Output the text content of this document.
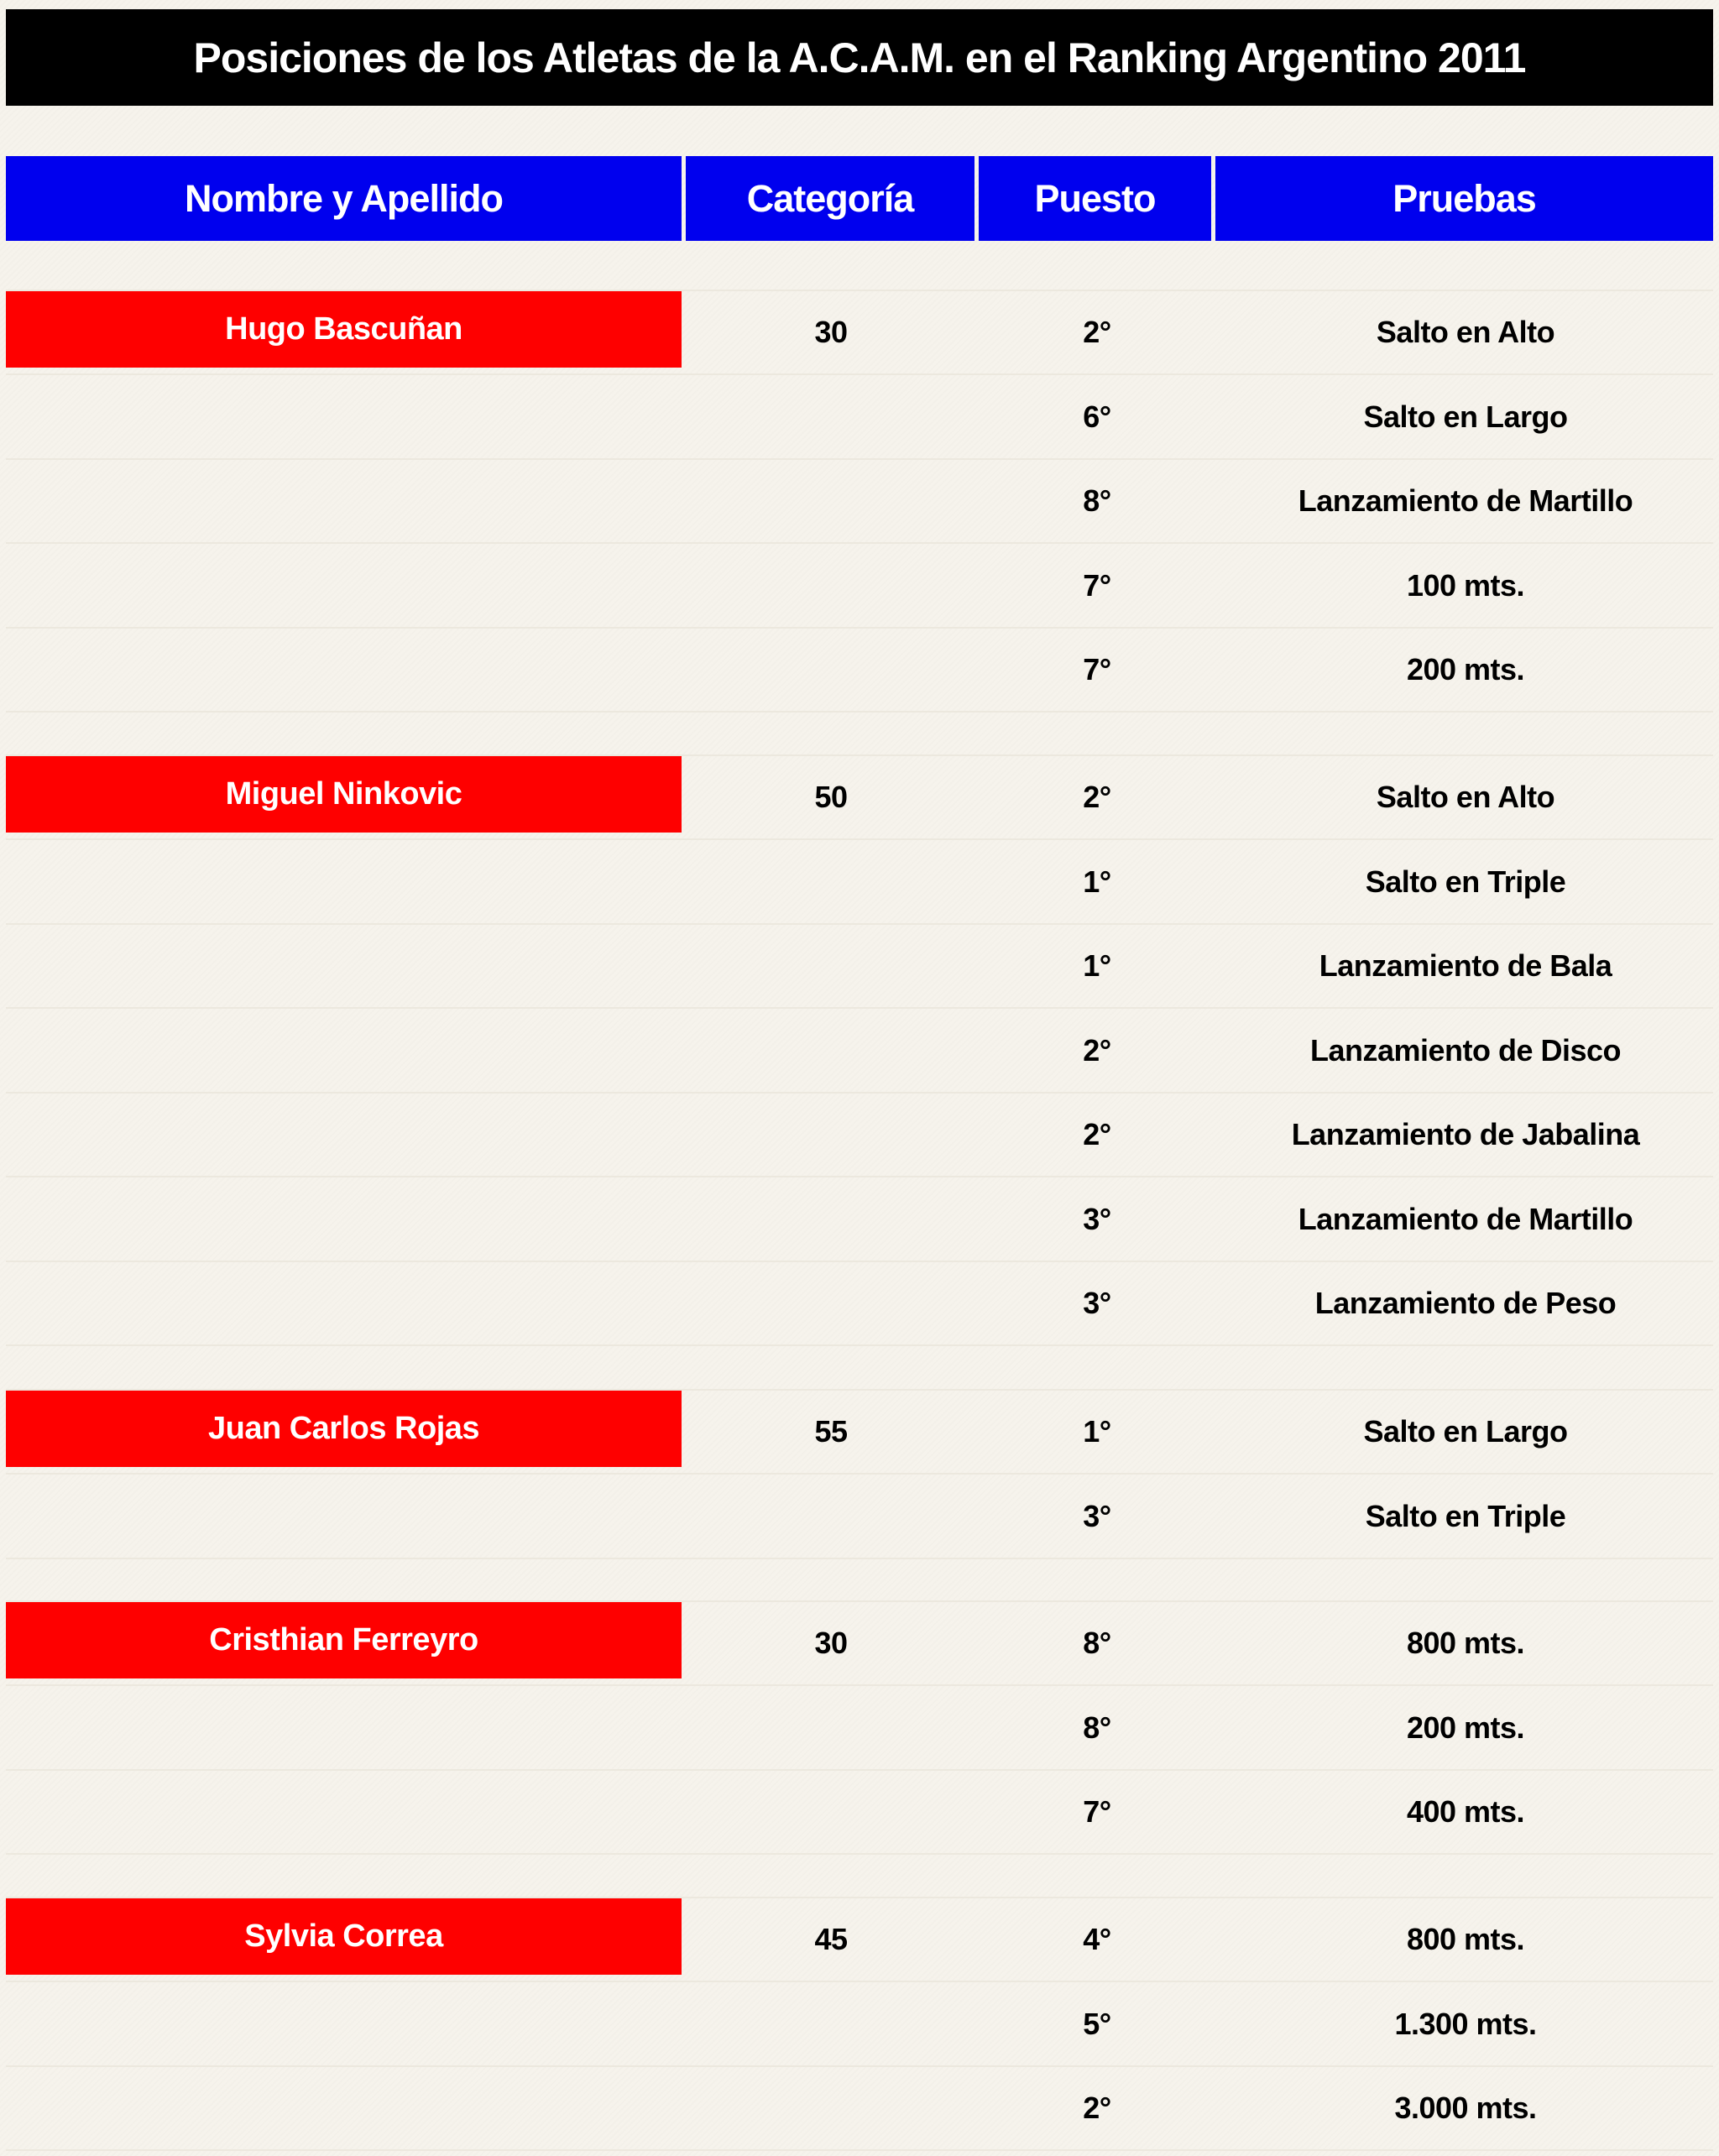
Posiciones de los Atletas de la A.C.A.M. en el Ranking Argentino 2011
Nombre y Apellido	Categoría	Puesto	Pruebas
Hugo Bascuñan	30	2°	Salto en Alto
6°	Salto en Largo
8°	Lanzamiento de Martillo
7°	100 mts.
7°	200 mts.
Miguel Ninkovic	50	2°	Salto en Alto
1°	Salto en Triple
1°	Lanzamiento de Bala
2°	Lanzamiento de Disco
2°	Lanzamiento de Jabalina
3°	Lanzamiento de Martillo
3°	Lanzamiento de Peso
Juan Carlos Rojas	55	1°	Salto en Largo
3°	Salto en Triple
Cristhian Ferreyro	30	8°	800 mts.
8°	200 mts.
7°	400 mts.
Sylvia Correa	45	4°	800 mts.
5°	1.300 mts.
2°	3.000 mts.
